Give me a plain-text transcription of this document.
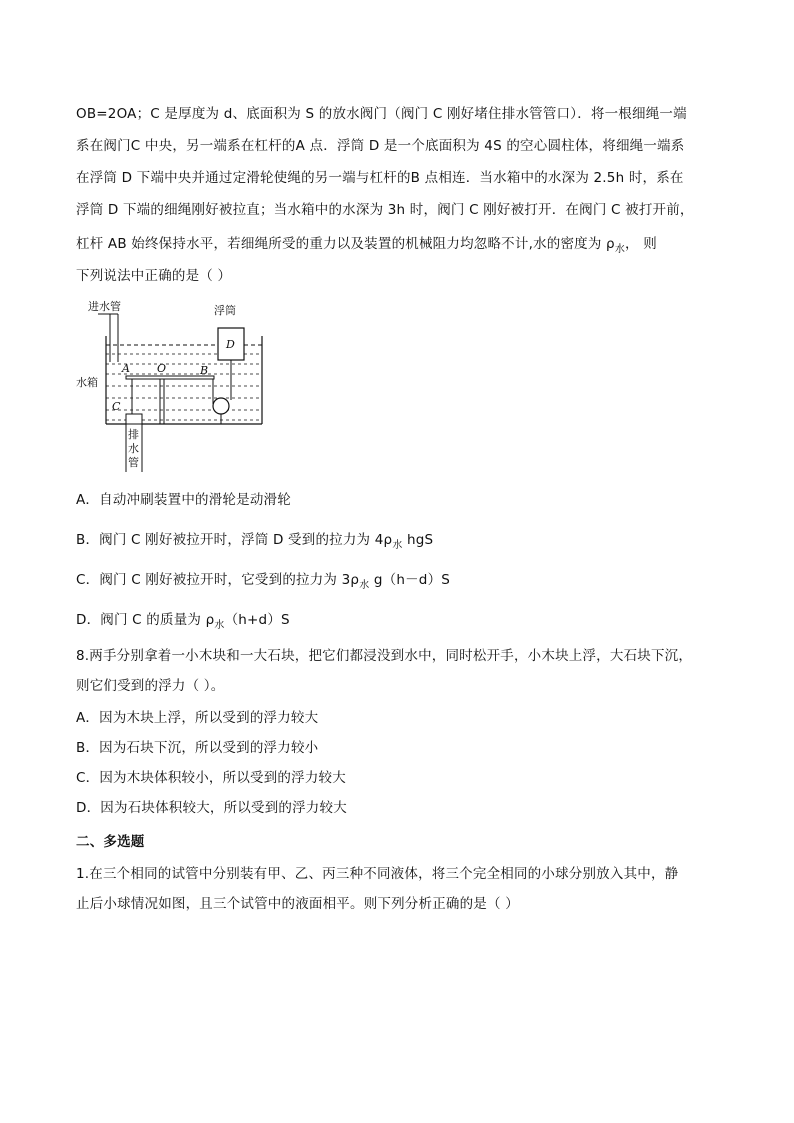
OB=2OA；C 是厚度为 d、底面积为 S 的放水阀门（阀门 C 刚好堵住排水管管口）．将一根细绳一端
系在阀门C 中央，另一端系在杠杆的A 点．浮筒 D 是一个底面积为 4S 的空心圆柱体，将细绳一端系
在浮筒 D 下端中央并通过定滑轮使绳的另一端与杠杆的B 点相连．当水箱中的水深为 2.5h 时，系在
浮筒 D 下端的细绳刚好被拉直；当水箱中的水深为 3h 时，阀门 C 刚好被打开．在阀门 C 被打开前，
杠杆 AB 始终保持水平，若细绳所受的重力以及装置的机械阻力均忽略不计,水的密度为 $\rho_水$， 则
下列说法中正确的是（ ）
进水管
水箱
D
浮筒
A O	B
C
排
水
管
A．自动冲刷装置中的滑轮是动滑轮
B．阀门 C 刚好被拉开时，浮筒 D 受到的拉力为 $4\rho_水$ hgS
C．阀门 C 刚好被拉开时，它受到的拉力为 $3\rho_水$ g（h－d）S
D．阀门 C 的质量为 $\rho_水(h+d)S$
8.两手分别拿着一小木块和一大石块，把它们都浸没到水中，同时松开手，小木块上浮，大石块下沉，
则它们受到的浮力（ ）。
A．因为木块上浮，所以受到的浮力较大
B．因为石块下沉，所以受到的浮力较小
C．因为木块体积较小，所以受到的浮力较大
D．因为石块体积较大，所以受到的浮力较大
二、多选题
1.在三个相同的试管中分别装有甲、乙、丙三种不同液体，将三个完全相同的小球分别放入其中，静
止后小球情况如图，且三个试管中的液面相平。则下列分析正确的是（ ）
